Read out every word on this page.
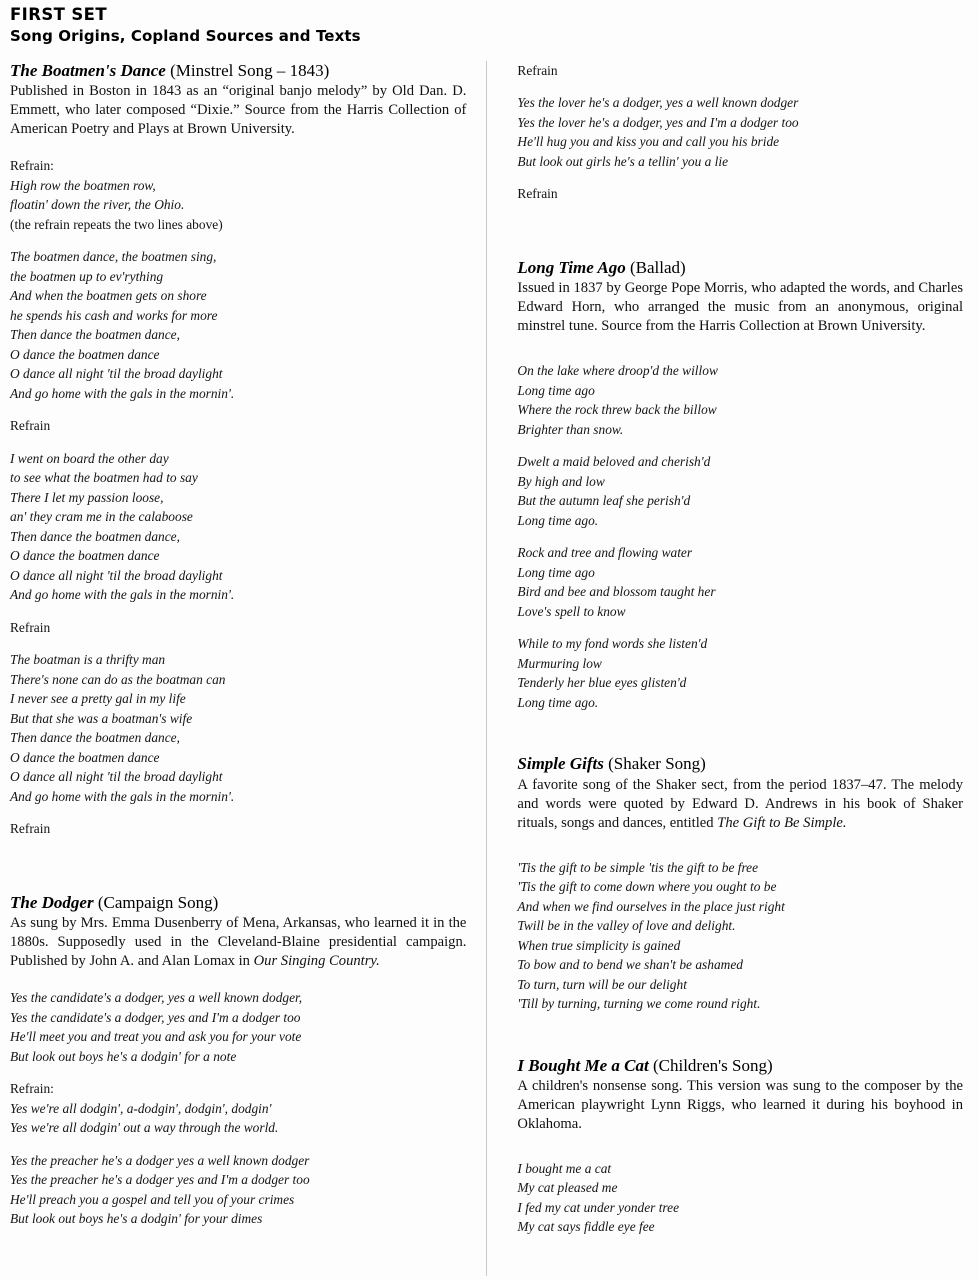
FIRST SET
Song Origins, Copland Sources and Texts
The Boatmen's Dance (Minstrel Song – 1843)

Published in Boston in 1843 as an “original banjo melody” by Old Dan. D. Emmett, who later composed “Dixie.” Source from the Harris Collection of American Poetry and Plays at Brown University.

Refrain:
High row the boatmen row,
floatin' down the river, the Ohio.
(the refrain repeats the two lines above)
The boatmen dance, the boatmen sing,
the boatmen up to ev'rything
And when the boatmen gets on shore
he spends his cash and works for more
Then dance the boatmen dance,
O dance the boatmen dance
O dance all night 'til the broad daylight
And go home with the gals in the mornin'.
Refrain
I went on board the other day
to see what the boatmen had to say
There I let my passion loose,
an' they cram me in the calaboose
Then dance the boatmen dance,
O dance the boatmen dance
O dance all night 'til the broad daylight
And go home with the gals in the mornin'.
Refrain
The boatman is a thrifty man
There's none can do as the boatman can
I never see a pretty gal in my life
But that she was a boatman's wife
Then dance the boatmen dance,
O dance the boatmen dance
O dance all night 'til the broad daylight
And go home with the gals in the mornin'.
Refrain
The Dodger (Campaign Song)

As sung by Mrs. Emma Dusenberry of Mena, Arkansas, who learned it in the 1880s. Supposedly used in the Cleveland-Blaine presidential campaign. Published by John A. and Alan Lomax in Our Singing Country.

Yes the candidate's a dodger, yes a well known dodger,
Yes the candidate's a dodger, yes and I'm a dodger too
He'll meet you and treat you and ask you for your vote
But look out boys he's a dodgin' for a note
Refrain:
Yes we're all dodgin', a-dodgin', dodgin', dodgin'
Yes we're all dodgin' out a way through the world.
Yes the preacher he's a dodger yes a well known dodger
Yes the preacher he's a dodger yes and I'm a dodger too
He'll preach you a gospel and tell you of your crimes
But look out boys he's a dodgin' for your dimes
Refrain
Yes the lover he's a dodger, yes a well known dodger
Yes the lover he's a dodger, yes and I'm a dodger too
He'll hug you and kiss you and call you his bride
But look out girls he's a tellin' you a lie
Refrain
Long Time Ago (Ballad)

Issued in 1837 by George Pope Morris, who adapted the words, and Charles Edward Horn, who arranged the music from an anonymous, original minstrel tune. Source from the Harris Collection at Brown University.

On the lake where droop'd the willow
Long time ago
Where the rock threw back the billow
Brighter than snow.
Dwelt a maid beloved and cherish'd
By high and low
But the autumn leaf she perish'd
Long time ago.
Rock and tree and flowing water
Long time ago
Bird and bee and blossom taught her
Love's spell to know
While to my fond words she listen'd
Murmuring low
Tenderly her blue eyes glisten'd
Long time ago.
Simple Gifts (Shaker Song)

A favorite song of the Shaker sect, from the period 1837–47. The melody and words were quoted by Edward D. Andrews in his book of Shaker rituals, songs and dances, entitled The Gift to Be Simple.

'Tis the gift to be simple 'tis the gift to be free
'Tis the gift to come down where you ought to be
And when we find ourselves in the place just right
Twill be in the valley of love and delight.
When true simplicity is gained
To bow and to bend we shan't be ashamed
To turn, turn will be our delight
'Till by turning, turning we come round right.
I Bought Me a Cat (Children's Song)

A children's nonsense song. This version was sung to the composer by the American playwright Lynn Riggs, who learned it during his boyhood in Oklahoma.

I bought me a cat
My cat pleased me
I fed my cat under yonder tree
My cat says fiddle eye fee
